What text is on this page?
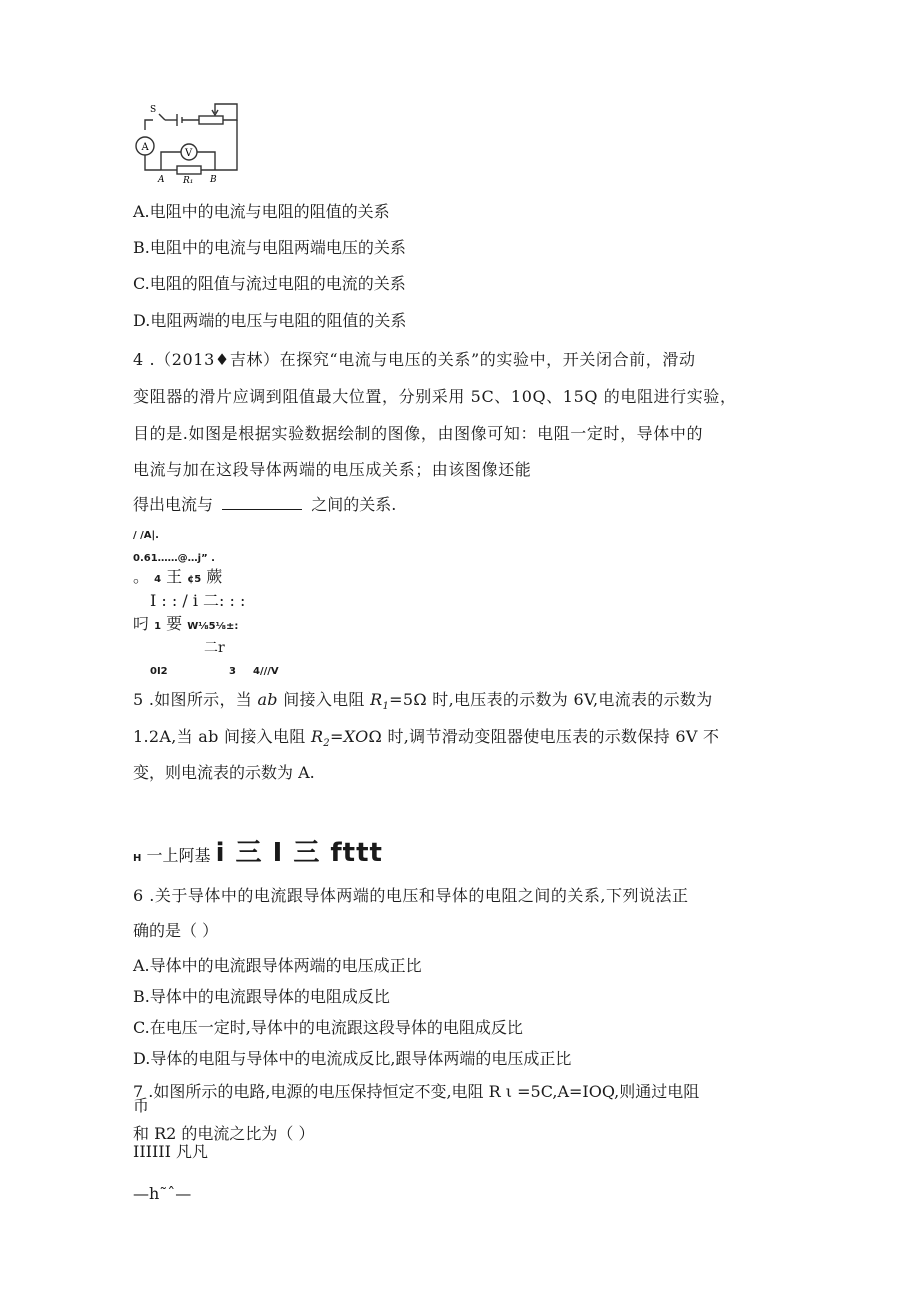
S
A
V
A R₁ B
A.电阻中的电流与电阻的阻值的关系
B.电阻中的电流与电阻两端电压的关系
C.电阻的阻值与流过电阻的电流的关系
D.电阻两端的电压与电阻的阻值的关系
4 .（2013♦吉林）在探究“电流与电压的关系”的实验中，开关闭合前，滑动
变阻器的滑片应调到阻值最大位置，分别采用 5C、10Q、15Q 的电阻进行实验，
目的是.如图是根据实验数据绘制的图像，由图像可知：电阻一定时，导体中的
电流与加在这段导体两端的电压成关系；由该图像还能
得出电流与	之间的关系.
/ /A|.
0.61……@…j” .
。 4 王 ¢5 蕨
I : : / i 二: : :
叼 1 要 W⅛5⅛±:
二r
0I2	3 4///V
5 .如图所示，当 ab 间接入电阻 $R_1=5\Omega$ 时,电压表的示数为 6V,电流表的示数为
1.2A,当 ab 间接入电阻 $R_2=XO\Omega$ 时,调节滑动变阻器使电压表的示数保持 6V 不
变，则电流表的示数为 A.
H 一上阿基 i 三 I 三 fttt
6 .关于导体中的电流跟导体两端的电压和导体的电阻之间的关系,下列说法正
确的是（ ）
A.导体中的电流跟导体两端的电压成正比
B.导体中的电流跟导体的电阻成反比
C.在电压一定时,导体中的电流跟这段导体的电阻成反比
D.导体的电阻与导体中的电流成反比,跟导体两端的电压成正比
7 .如图所示的电路,电源的电压保持恒定不变,电阻 R ι =5C,A=IOQ,则通过电阻
币
和 R2 的电流之比为（ ）
IIIIII 凡凡
—h˜ˆ—
